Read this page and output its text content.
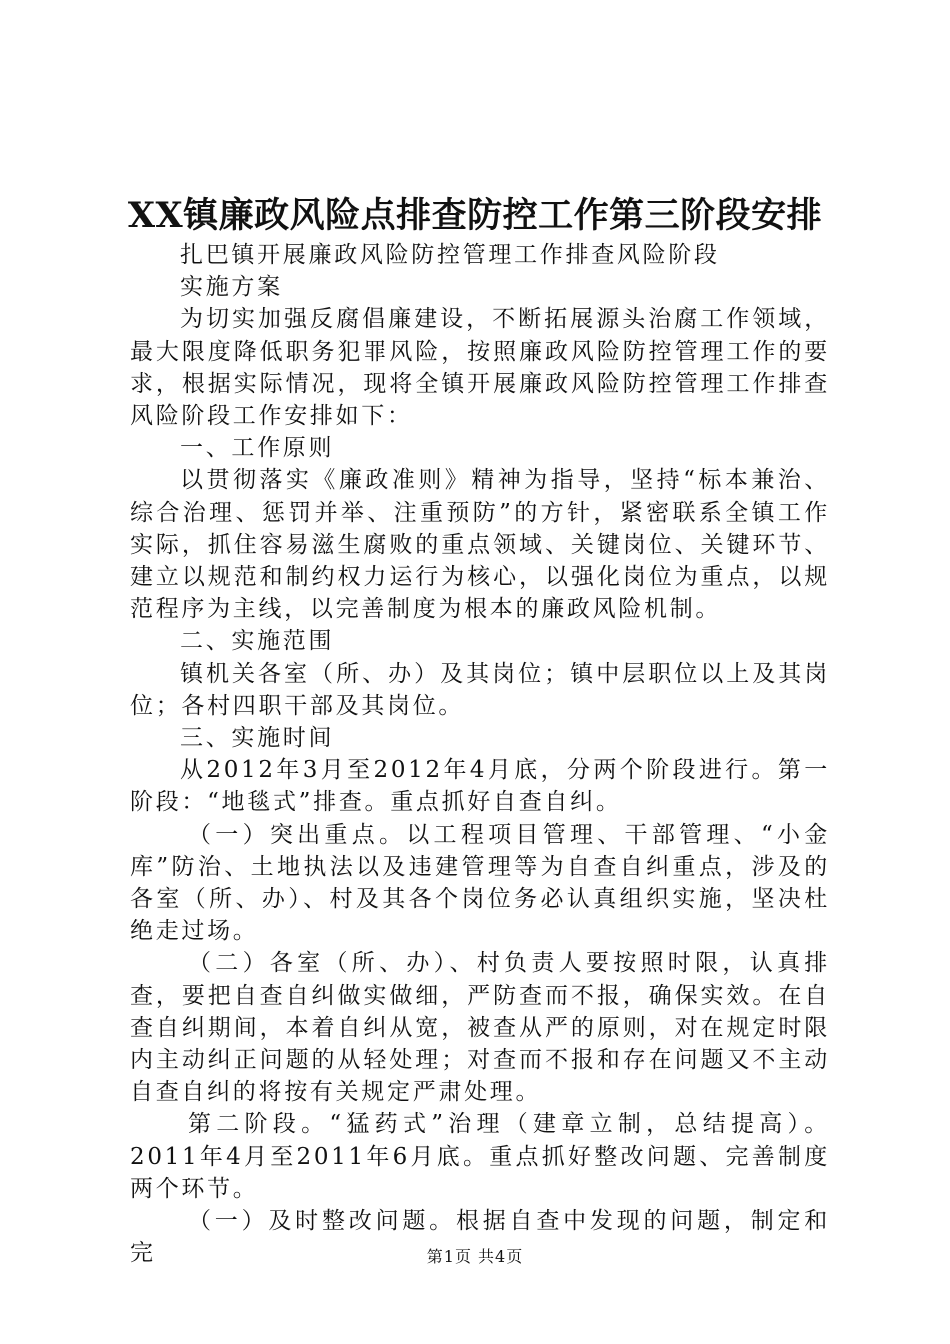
XX镇廉政风险点排查防控工作第三阶段安排

扎巴镇开展廉政风险防控管理工作排查风险阶段

实施方案

为切实加强反腐倡廉建设，不断拓展源头治腐工作领域，最大限度降低职务犯罪风险，按照廉政风险防控管理工作的要求，根据实际情况，现将全镇开展廉政风险防控管理工作排查风险阶段工作安排如下：

一、工作原则

以贯彻落实《廉政准则》精神为指导，坚持“标本兼治、综合治理、惩罚并举、注重预防”的方针，紧密联系全镇工作实际，抓住容易滋生腐败的重点领域、关键岗位、关键环节、建立以规范和制约权力运行为核心，以强化岗位为重点，以规范程序为主线，以完善制度为根本的廉政风险机制。

二、实施范围

镇机关各室（所、办）及其岗位；镇中层职位以上及其岗位；各村四职干部及其岗位。

三、实施时间

从2012年3月至2012年4月底，分两个阶段进行。第一阶段：“地毯式”排查。重点抓好自查自纠。

（一）突出重点。以工程项目管理、干部管理、“小金库”防治、土地执法以及违建管理等为自查自纠重点，涉及的各室（所、办）、村及其各个岗位务必认真组织实施，坚决杜绝走过场。

（二）各室（所、办）、村负责人要按照时限，认真排查，要把自查自纠做实做细，严防查而不报，确保实效。在自查自纠期间，本着自纠从宽，被查从严的原则，对在规定时限内主动纠正问题的从轻处理；对查而不报和存在问题又不主动自查自纠的将按有关规定严肃处理。

第二阶段。“猛药式”治理（建章立制，总结提高）。2011年4月至2011年6月底。重点抓好整改问题、完善制度两个环节。

（一）及时整改问题。根据自查中发现的问题，制定和完	第1页 共4页
